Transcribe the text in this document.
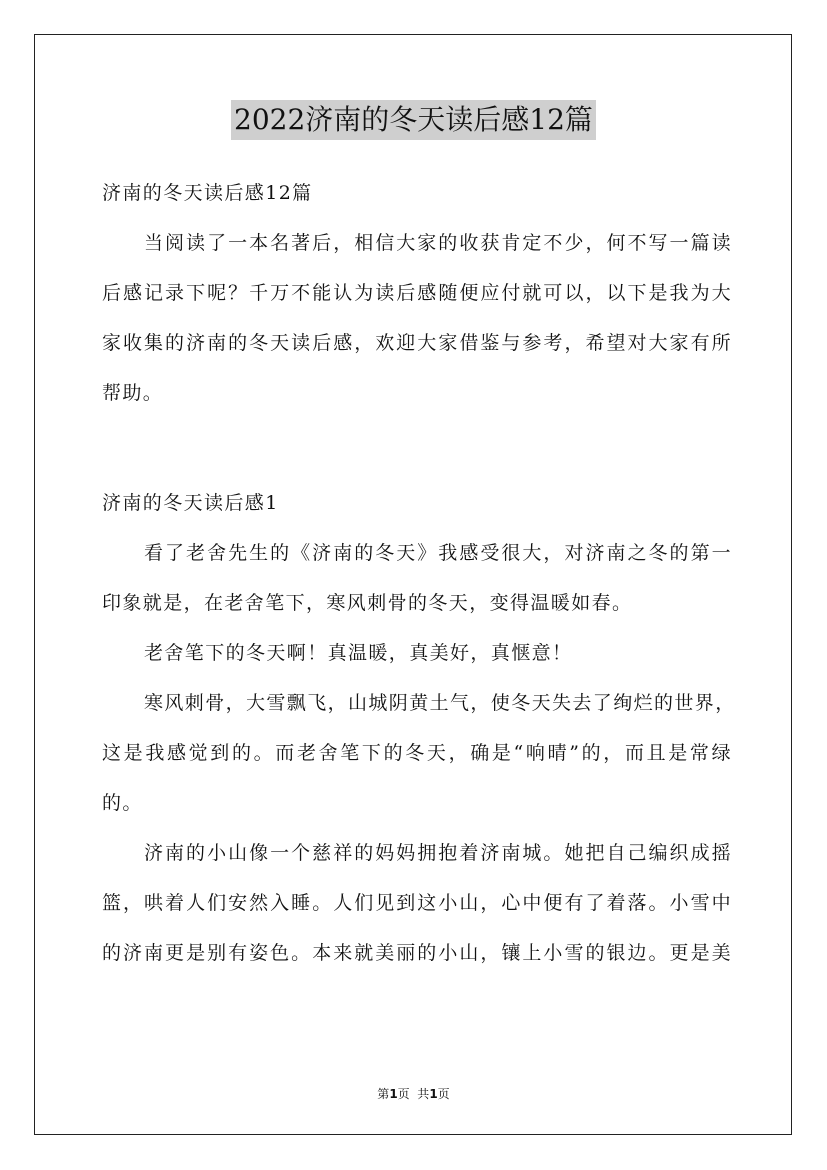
2022济南的冬天读后感12篇
济南的冬天读后感12篇
当阅读了一本名著后，相信大家的收获肯定不少，何不写一篇读
后感记录下呢？千万不能认为读后感随便应付就可以，以下是我为大
家收集的济南的冬天读后感，欢迎大家借鉴与参考，希望对大家有所
帮助。
济南的冬天读后感1
看了老舍先生的《济南的冬天》我感受很大，对济南之冬的第一
印象就是，在老舍笔下，寒风刺骨的冬天，变得温暖如春。
老舍笔下的冬天啊！真温暖，真美好，真惬意！
寒风刺骨，大雪飘飞，山城阴黄土气，使冬天失去了绚烂的世界，
这是我感觉到的。而老舍笔下的冬天，确是“响晴”的，而且是常绿
的。
济南的小山像一个慈祥的妈妈拥抱着济南城。她把自己编织成摇
篮，哄着人们安然入睡。人们见到这小山，心中便有了着落。小雪中
的济南更是别有姿色。本来就美丽的小山，镶上小雪的银边。更是美
第1页  共1页
